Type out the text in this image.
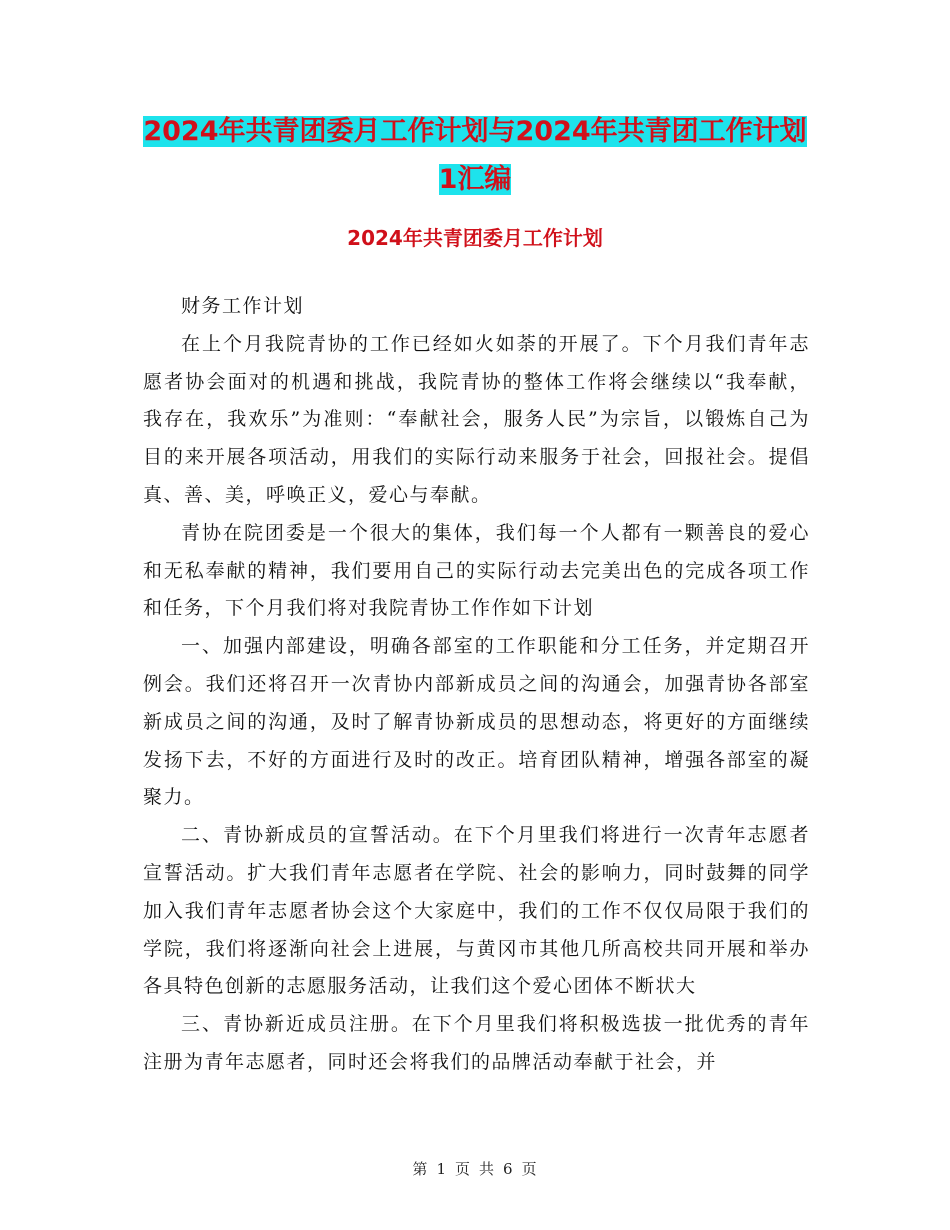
2024年共青团委月工作计划与2024年共青团工作计划
1汇编
2024年共青团委月工作计划

财务工作计划

在上个月我院青协的工作已经如火如荼的开展了。下个月我们青年志愿者协会面对的机遇和挑战，我院青协的整体工作将会继续以“我奉献，我存在，我欢乐”为准则：“奉献社会，服务人民”为宗旨，以锻炼自己为目的来开展各项活动，用我们的实际行动来服务于社会，回报社会。提倡真、善、美，呼唤正义，爱心与奉献。

青协在院团委是一个很大的集体，我们每一个人都有一颗善良的爱心和无私奉献的精神，我们要用自己的实际行动去完美出色的完成各项工作和任务，下个月我们将对我院青协工作作如下计划

一、加强内部建设，明确各部室的工作职能和分工任务，并定期召开例会。我们还将召开一次青协内部新成员之间的沟通会，加强青协各部室新成员之间的沟通，及时了解青协新成员的思想动态，将更好的方面继续发扬下去，不好的方面进行及时的改正。培育团队精神，增强各部室的凝聚力。

二、青协新成员的宣誓活动。在下个月里我们将进行一次青年志愿者宣誓活动。扩大我们青年志愿者在学院、社会的影响力，同时鼓舞的同学加入我们青年志愿者协会这个大家庭中，我们的工作不仅仅局限于我们的学院，我们将逐渐向社会上进展，与黄冈市其他几所高校共同开展和举办各具特色创新的志愿服务活动，让我们这个爱心团体不断状大

三、青协新近成员注册。在下个月里我们将积极选拔一批优秀的青年注册为青年志愿者，同时还会将我们的品牌活动奉献于社会，并

第 1 页 共 6 页
